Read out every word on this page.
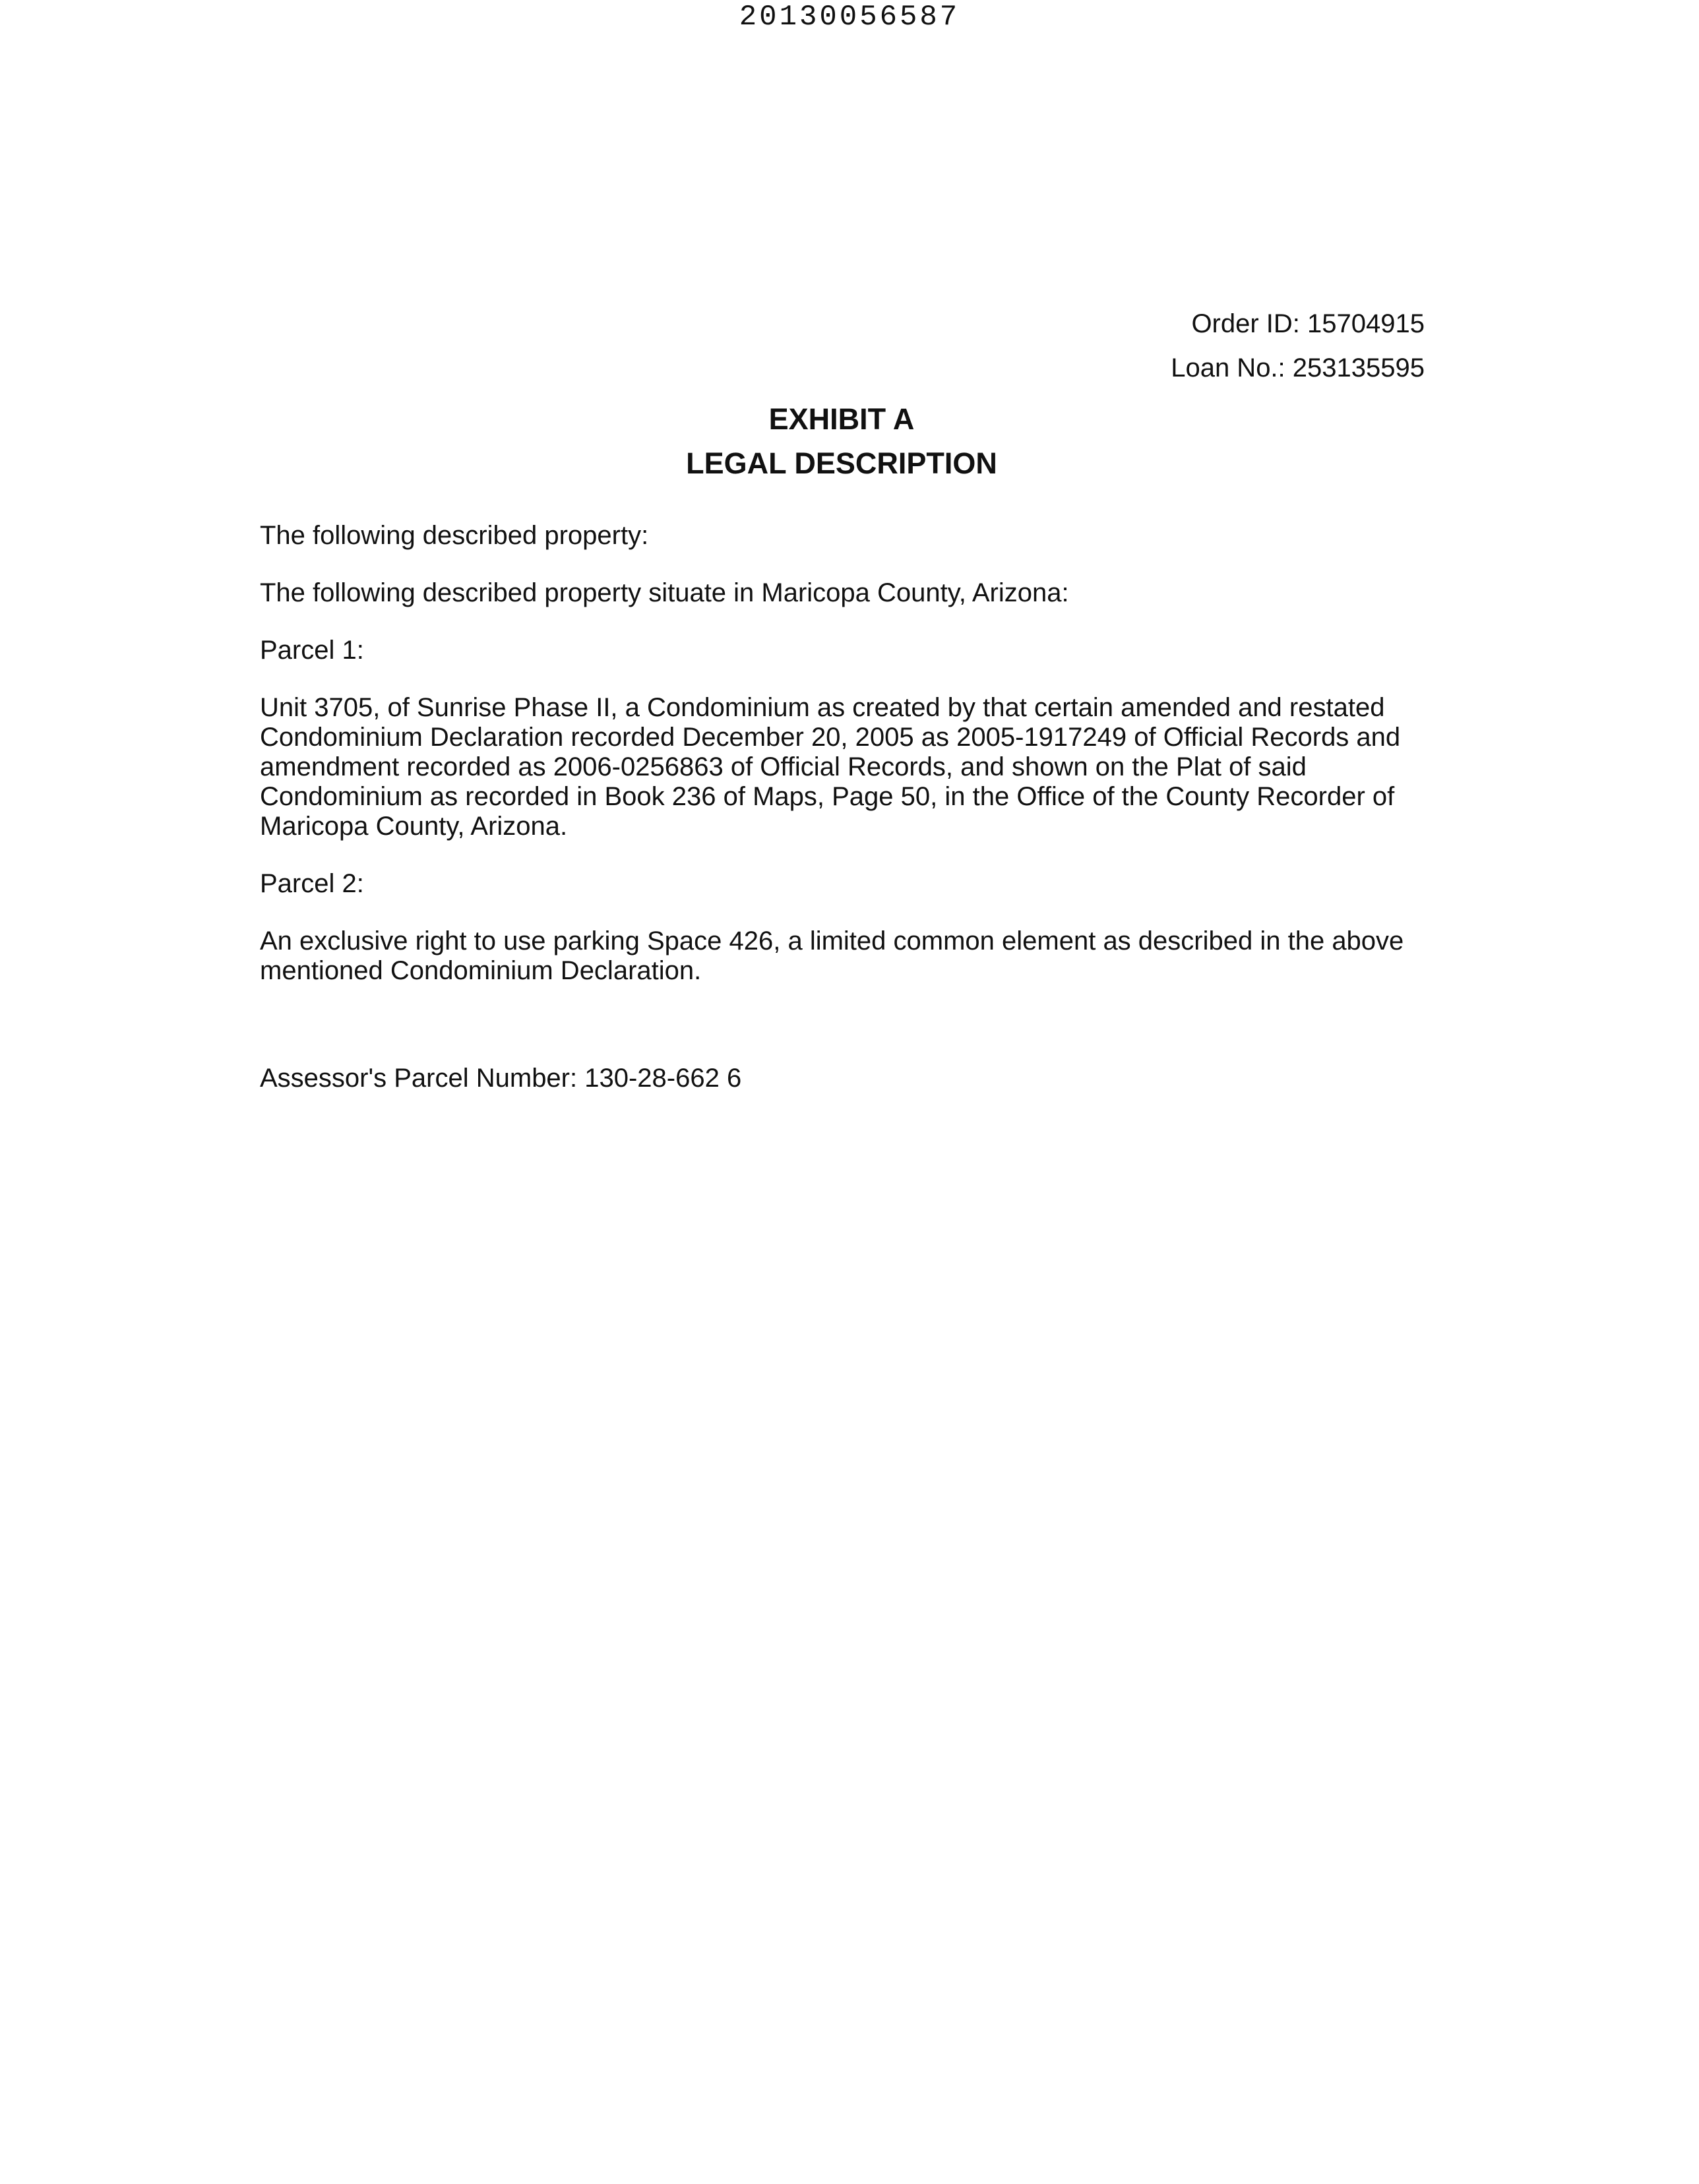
20130056587
Order ID: 15704915
Loan No.: 253135595
EXHIBIT A
LEGAL DESCRIPTION

The following described property:

The following described property situate in Maricopa County, Arizona:

Parcel 1:

Unit 3705, of Sunrise Phase II, a Condominium as created by that certain amended and restated
Condominium Declaration recorded December 20, 2005 as 2005-1917249 of Official Records and
amendment recorded as 2006-0256863 of Official Records, and shown on the Plat of said
Condominium as recorded in Book 236 of Maps, Page 50, in the Office of the County Recorder of
Maricopa County, Arizona.

Parcel 2:

An exclusive right to use parking Space 426, a limited common element as described in the above
mentioned Condominium Declaration.

Assessor's Parcel Number: 130-28-662 6
